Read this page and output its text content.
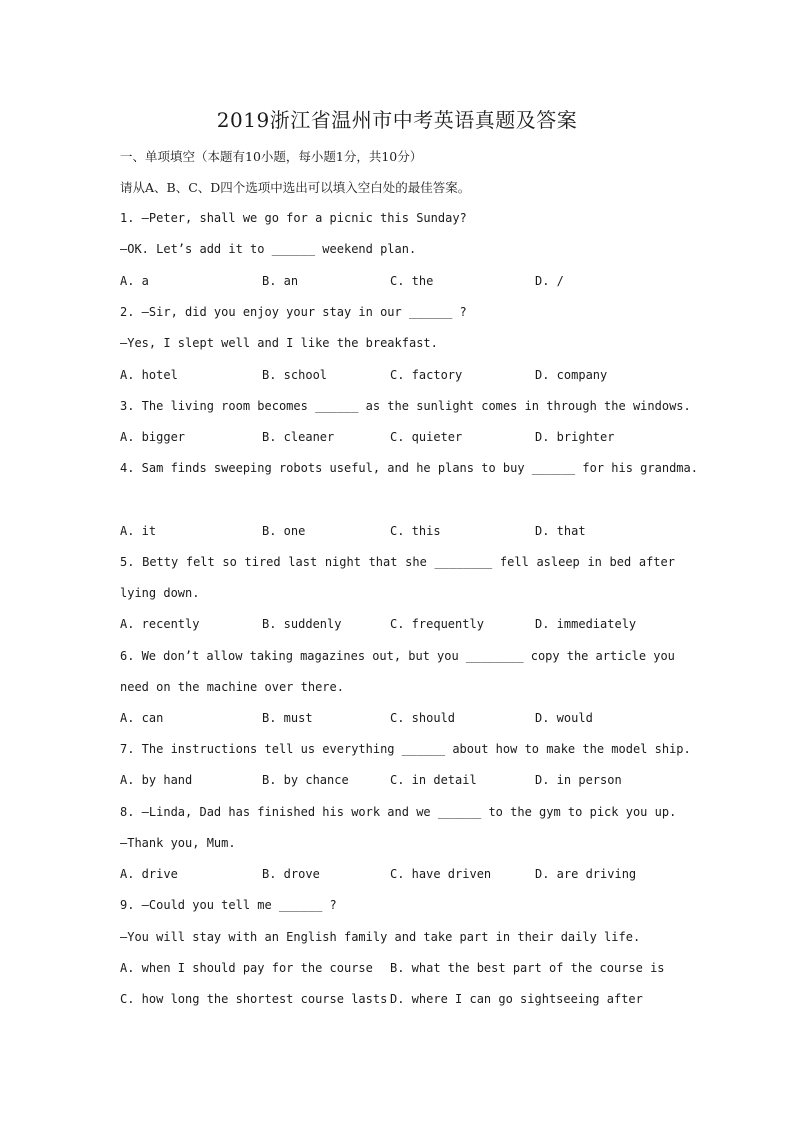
2019浙江省温州市中考英语真题及答案
一、单项填空（本题有10小题，每小题1分，共10分）
请从A、B、C、D四个选项中选出可以填入空白处的最佳答案。
1. —Peter, shall we go for a picnic this Sunday?
—OK. Let’s add it to ______ weekend plan.
A. a	B. an	C. the	D. /
2. —Sir, did you enjoy your stay in our ______ ?
—Yes, I slept well and I like the breakfast.
A. hotel	B. school	C. factory	D. company
3. The living room becomes ______ as the sunlight comes in through the windows.
A. bigger	B. cleaner	C. quieter	D. brighter
4. Sam finds sweeping robots useful, and he plans to buy ______ for his grandma.
A. it	B. one	C. this	D. that
5. Betty felt so tired last night that she ________ fell asleep in bed after
lying down.
A. recently	B. suddenly	C. frequently	D. immediately
6. We don’t allow taking magazines out, but you ________ copy the article you
need on the machine over there.
A. can	B. must	C. should	D. would
7. The instructions tell us everything ______ about how to make the model ship.
A. by hand	B. by chance	C. in detail	D. in person
8. —Linda, Dad has finished his work and we ______ to the gym to pick you up.
—Thank you, Mum.
A. drive	B. drove	C. have driven	D. are driving
9. —Could you tell me ______ ?
—You will stay with an English family and take part in their daily life.
A. when I should pay for the course B. what the best part of the course is
C. how long the shortest course lasts D. where I can go sightseeing after
